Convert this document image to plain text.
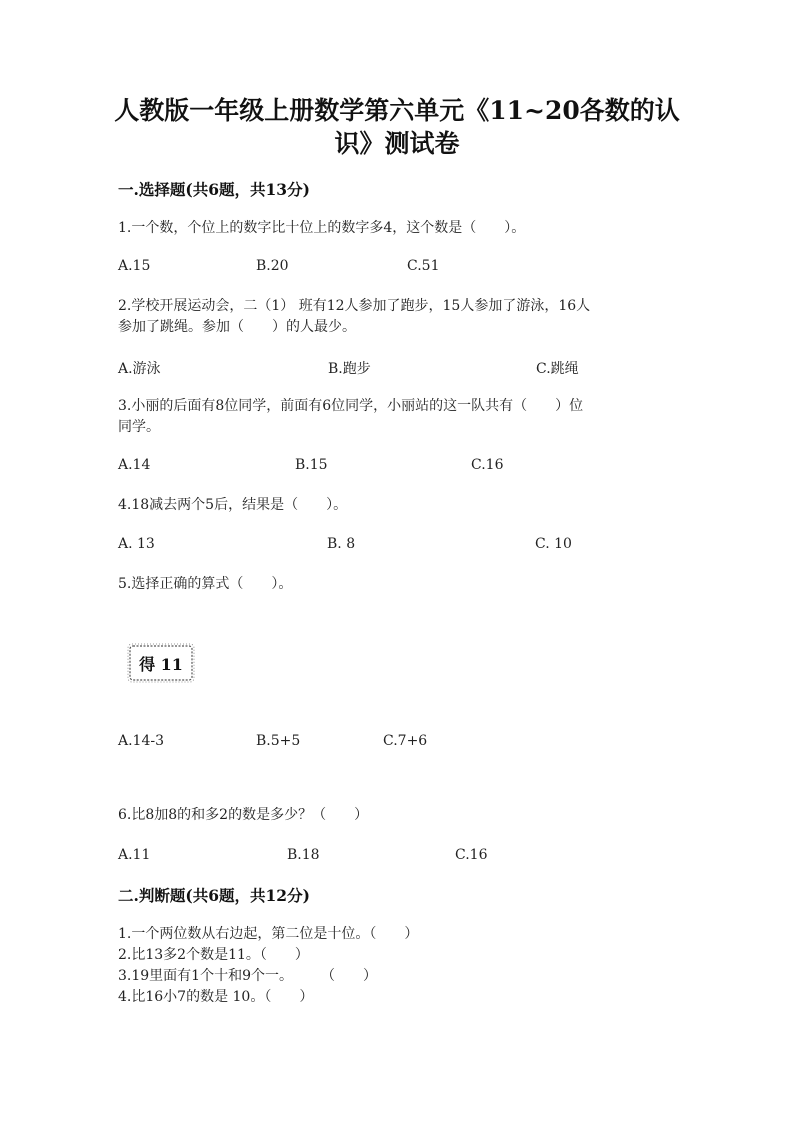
人教版一年级上册数学第六单元《11~20各数的认
识》测试卷
一.选择题(共6题，共13分)
1.一个数，个位上的数字比十位上的数字多4，这个数是（　　）。
A.15	B.20	C.51
2.学校开展运动会，二（1） 班有12人参加了跑步，15人参加了游泳，16人
参加了跳绳。参加（　　）的人最少。
A.游泳	B.跑步	C.跳绳
3.小丽的后面有8位同学，前面有6位同学，小丽站的这一队共有（　　）位
同学。
A.14	B.15	C.16
4.18减去两个5后，结果是（　　）。
A. 13	B. 8	C. 10
5.选择正确的算式（　　）。
得 11
A.14-3	B.5+5	C.7+6
6.比8加8的和多2的数是多少？（　　）
A.11	B.18	C.16
二.判断题(共6题，共12分)
1.一个两位数从右边起，第二位是十位。（　　）
2.比13多2个数是11。（　　）
3.19里面有1个十和9个一。　　　（　　）
4.比16小7的数是 10。（　　）
